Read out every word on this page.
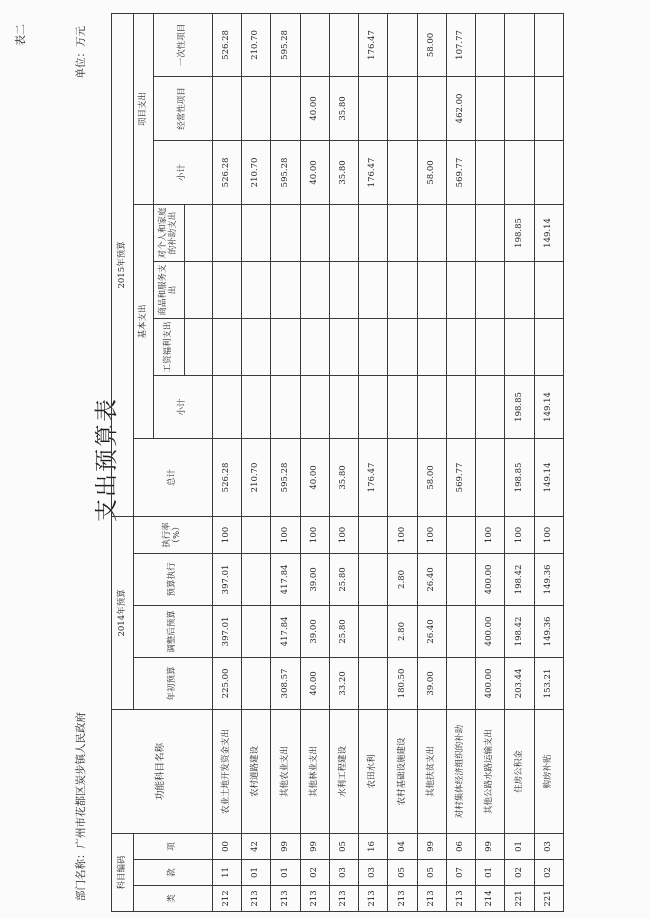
表二
支出预算表
部门名称：广州市花都区炭步镇人民政府
单位：万元
科目编码			功能科目名称	2014年预算				2015年预算							
类	款	项		年初预算	调整后预算	预算执行	执行率（%）	总计	基本支出				项目支出		
									小计	工资福利支出	商品和服务支出	对个人和家庭的补助支出	小计	经常性项目	一次性项目

212	11	00	农业土地开发资金支出	225.00	397.01	397.01	100	526.28					526.28		526.28
213	01	42	农村道路建设					210.70					210.70		210.70
213	01	99	其他农业支出	308.57	417.84	417.84	100	595.28					595.28		595.28
213	02	99	其他林业支出	40.00	39.00	39.00	100	40.00					40.00	40.00	
213	03	05	水利工程建设	33.20	25.80	25.80	100	35.80					35.80	35.80	
213	03	16	农田水利					176.47					176.47		176.47
213	05	04	农村基础设施建设	180.50	2.80	2.80	100								
213	05	99	其他扶贫支出	39.00	26.40	26.40	100	58.00					58.00		58.00
213	07	06	对村集体经济组织的补助					569.77					569.77	462.00	107.77
214	01	99	其他公路水路运输支出	400.00	400.00	400.00	100								
221	02	01	住房公积金	203.44	198.42	198.42	100	198.85	198.85			198.85			
221	02	03	购房补贴	153.21	149.36	149.36	100	149.14	149.14			149.14			
